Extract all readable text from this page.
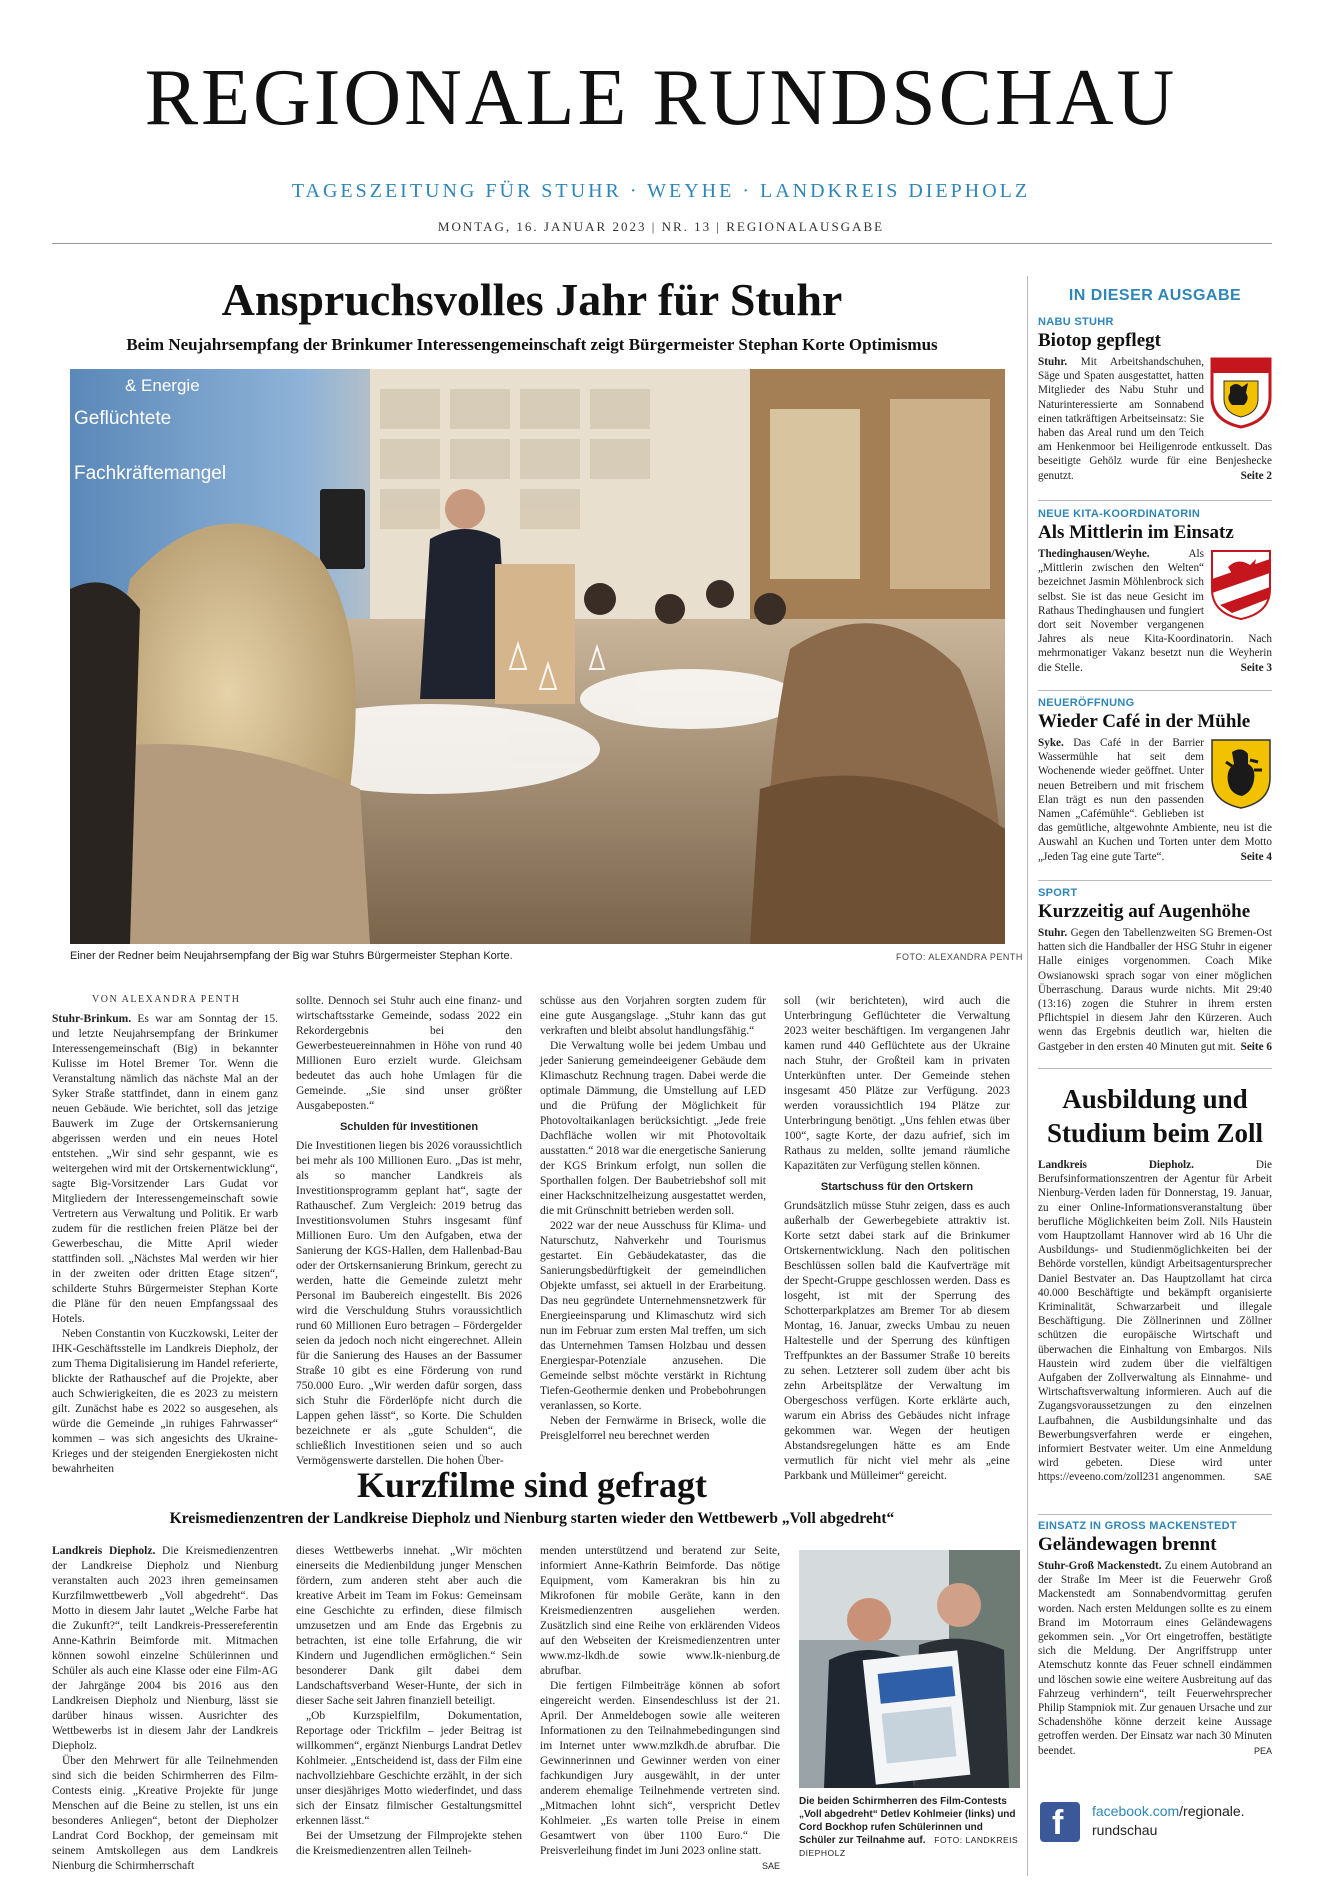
REGIONALE RUNDSCHAU
TAGESZEITUNG FÜR STUHR · WEYHE · LANDKREIS DIEPHOLZ
MONTAG, 16. JANUAR 2023 | NR. 13 | REGIONALAUSGABE
Anspruchsvolles Jahr für Stuhr
Beim Neujahrsempfang der Brinkumer Interessengemeinschaft zeigt Bürgermeister Stephan Korte Optimismus
& Energie
Geflüchtete
Fachkräftemangel
Einer der Redner beim Neujahrsempfang der Big war Stuhrs Bürgermeister Stephan Korte.	FOTO: ALEXANDRA PENTH
VON ALEXANDRA PENTH

Stuhr-Brinkum. Es war am Sonntag der 15. und letzte Neujahrsempfang der Brinkumer Interessengemeinschaft (Big) in bekannter Kulisse im Hotel Bremer Tor. Wenn die Veranstaltung nämlich das nächste Mal an der Syker Straße stattfindet, dann in einem ganz neuen Gebäude. Wie berichtet, soll das jetzige Bauwerk im Zuge der Ortskernsanierung abgerissen werden und ein neues Hotel entstehen. „Wir sind sehr gespannt, wie es weitergehen wird mit der Ortskernentwicklung“, sagte Big-Vorsitzender Lars Gudat vor Mitgliedern der Interessengemeinschaft sowie Vertretern aus Verwaltung und Politik. Er warb zudem für die restlichen freien Plätze bei der Gewerbeschau, die Mitte April wieder stattfinden soll. „Nächstes Mal werden wir hier in der zweiten oder dritten Etage sitzen“, schilderte Stuhrs Bürgermeister Stephan Korte die Pläne für den neuen Empfangssaal des Hotels.

Neben Constantin von Kuczkowski, Leiter der IHK-Geschäftsstelle im Landkreis Diepholz, der zum Thema Digitalisierung im Handel referierte, blickte der Rathauschef auf die Projekte, aber auch Schwierigkeiten, die es 2023 zu meistern gilt. Zunächst habe es 2022 so ausgesehen, als würde die Gemeinde „in ruhiges Fahrwasser“ kommen – was sich angesichts des Ukraine-Krieges und der steigenden Energiekosten nicht bewahrheiten

sollte. Dennoch sei Stuhr auch eine finanz- und wirtschaftsstarke Gemeinde, sodass 2022 ein Rekordergebnis bei den Gewerbesteuereinnahmen in Höhe von rund 40 Millionen Euro erzielt wurde. Gleichsam bedeutet das auch hohe Umlagen für die Gemeinde. „Sie sind unser größter Ausgabeposten.“

Schulden für Investitionen

Die Investitionen liegen bis 2026 voraussichtlich bei mehr als 100 Millionen Euro. „Das ist mehr, als so mancher Landkreis als Investitionsprogramm geplant hat“, sagte der Rathauschef. Zum Vergleich: 2019 betrug das Investitionsvolumen Stuhrs insgesamt fünf Millionen Euro. Um den Aufgaben, etwa der Sanierung der KGS-Hallen, dem Hallenbad-Bau oder der Ortskernsanierung Brinkum, gerecht zu werden, hatte die Gemeinde zuletzt mehr Personal im Baubereich eingestellt. Bis 2026 wird die Verschuldung Stuhrs voraussichtlich rund 60 Millionen Euro betragen – Fördergelder seien da jedoch noch nicht eingerechnet. Allein für die Sanierung des Hauses an der Bassumer Straße 10 gibt es eine Förderung von rund 750.000 Euro. „Wir werden dafür sorgen, dass sich Stuhr die Förderlöpfe nicht durch die Lappen gehen lässt“, so Korte. Die Schulden bezeichnete er als „gute Schulden“, die schließlich Investitionen seien und so auch Vermögenswerte darstellen. Die hohen Über-

schüsse aus den Vorjahren sorgten zudem für eine gute Ausgangslage. „Stuhr kann das gut verkraften und bleibt absolut handlungsfähig.“

Die Verwaltung wolle bei jedem Umbau und jeder Sanierung gemeindeeigener Gebäude dem Klimaschutz Rechnung tragen. Dabei werde die optimale Dämmung, die Umstellung auf LED und die Prüfung der Möglichkeit für Photovoltaikanlagen berücksichtigt. „Jede freie Dachfläche wollen wir mit Photovoltaik ausstatten.“ 2018 war die energetische Sanierung der KGS Brinkum erfolgt, nun sollen die Sporthallen folgen. Der Baubetriebshof soll mit einer Hackschnitzelheizung ausgestattet werden, die mit Grünschnitt betrieben werden soll.

2022 war der neue Ausschuss für Klima- und Naturschutz, Nahverkehr und Tourismus gestartet. Ein Gebäudekataster, das die Sanierungsbedürftigkeit der gemeindlichen Objekte umfasst, sei aktuell in der Erarbeitung. Das neu gegründete Unternehmensnetzwerk für Energieeinsparung und Klimaschutz wird sich nun im Februar zum ersten Mal treffen, um sich das Unternehmen Tamsen Holzbau und dessen Energiespar-Potenziale anzusehen. Die Gemeinde selbst möchte verstärkt in Richtung Tiefen-Geothermie denken und Probebohrungen veranlassen, so Korte.

Neben der Fernwärme in Briseck, wolle die Preisglelforrel neu berechnet werden

soll (wir berichteten), wird auch die Unterbringung Geflüchteter die Verwaltung 2023 weiter beschäftigen. Im vergangenen Jahr kamen rund 440 Geflüchtete aus der Ukraine nach Stuhr, der Großteil kam in privaten Unterkünften unter. Der Gemeinde stehen insgesamt 450 Plätze zur Verfügung. 2023 werden voraussichtlich 194 Plätze zur Unterbringung benötigt. „Uns fehlen etwas über 100“, sagte Korte, der dazu aufrief, sich im Rathaus zu melden, sollte jemand räumliche Kapazitäten zur Verfügung stellen können.

Startschuss für den Ortskern

Grundsätzlich müsse Stuhr zeigen, dass es auch außerhalb der Gewerbegebiete attraktiv ist. Korte setzt dabei stark auf die Brinkumer Ortskernentwicklung. Nach den politischen Beschlüssen sollen bald die Kaufverträge mit der Specht-Gruppe geschlossen werden. Dass es losgeht, ist mit der Sperrung des Schotterparkplatzes am Bremer Tor ab diesem Montag, 16. Januar, zwecks Umbau zu neuen Haltestelle und der Sperrung des künftigen Treffpunktes an der Bassumer Straße 10 bereits zu sehen. Letzterer soll zudem über acht bis zehn Arbeitsplätze der Verwaltung im Obergeschoss verfügen. Korte erklärte auch, warum ein Abriss des Gebäudes nicht infrage gekommen war. Wegen der heutigen Abstandsregelungen hätte es am Ende vermutlich für nicht viel mehr als „eine Parkbank und Mülleimer“ gereicht.

Kurzfilme sind gefragt
Kreismedienzentren der Landkreise Diepholz und Nienburg starten wieder den Wettbewerb „Voll abgedreht“

Landkreis Diepholz. Die Kreismedienzentren der Landkreise Diepholz und Nienburg veranstalten auch 2023 ihren gemeinsamen Kurzfilmwettbewerb „Voll abgedreht“. Das Motto in diesem Jahr lautet „Welche Farbe hat die Zukunft?“, teilt Landkreis-Pressereferentin Anne-Kathrin Beimforde mit. Mitmachen können sowohl einzelne Schülerinnen und Schüler als auch eine Klasse oder eine Film-AG der Jahrgänge 2004 bis 2016 aus den Landkreisen Diepholz und Nienburg, lässt sie darüber hinaus wissen. Ausrichter des Wettbewerbs ist in diesem Jahr der Landkreis Diepholz.

Über den Mehrwert für alle Teilnehmenden sind sich die beiden Schirmherren des Film-Contests einig. „Kreative Projekte für junge Menschen auf die Beine zu stellen, ist uns ein besonderes Anliegen“, betont der Diepholzer Landrat Cord Bockhop, der gemeinsam mit seinem Amtskollegen aus dem Landkreis Nienburg die Schirmherrschaft

dieses Wettbewerbs innehat. „Wir möchten einerseits die Medienbildung junger Menschen fördern, zum anderen steht aber auch die kreative Arbeit im Team im Fokus: Gemeinsam eine Geschichte zu erfinden, diese filmisch umzusetzen und am Ende das Ergebnis zu betrachten, ist eine tolle Erfahrung, die wir Kindern und Jugendlichen ermöglichen.“ Sein besonderer Dank gilt dabei dem Landschaftsverband Weser-Hunte, der sich in dieser Sache seit Jahren finanziell beteiligt.

„Ob Kurzspielfilm, Dokumentation, Reportage oder Trickfilm – jeder Beitrag ist willkommen“, ergänzt Nienburgs Landrat Detlev Kohlmeier. „Entscheidend ist, dass der Film eine nachvollziehbare Geschichte erzählt, in der sich unser diesjähriges Motto wiederfindet, und dass sich der Einsatz filmischer Gestaltungsmittel erkennen lässt.“

Bei der Umsetzung der Filmprojekte stehen die Kreismedienzentren allen Teilneh-

menden unterstützend und beratend zur Seite, informiert Anne-Kathrin Beimforde. Das nötige Equipment, vom Kamerakran bis hin zu Mikrofonen für mobile Geräte, kann in den Kreismedienzentren ausgeliehen werden. Zusätzlich sind eine Reihe von erklärenden Videos auf den Webseiten der Kreismedienzentren unter www.mz-lkdh.de sowie www.lk-nienburg.de abrufbar.

Die fertigen Filmbeiträge können ab sofort eingereicht werden. Einsendeschluss ist der 21. April. Der Anmeldebogen sowie alle weiteren Informationen zu den Teilnahmebedingungen sind im Internet unter www.mzlkdh.de abrufbar. Die Gewinnerinnen und Gewinner werden von einer fachkundigen Jury ausgewählt, in der unter anderem ehemalige Teilnehmende vertreten sind. „Mitmachen lohnt sich“, verspricht Detlev Kohlmeier. „Es warten tolle Preise in einem Gesamtwert von über 1100 Euro.“ Die Preisverleihung findet im Juni 2023 online statt.
SAE

Die beiden Schirmherren des Film-Contests „Voll abgedreht“ Detlev Kohlmeier (links) und Cord Bockhop rufen Schülerinnen und Schüler zur Teilnahme auf. FOTO: LANDKREIS DIEPHOLZ
IN DIESER AUSGABE
NABU STUHR
Biotop gepflegt
Stuhr. Mit Arbeitshandschuhen, Säge und Spaten ausgestattet, hatten Mitglieder des Nabu Stuhr und Naturinteressierte am Sonnabend einen tatkräftigen Arbeitseinsatz: Sie haben das Areal rund um den Teich am Henkenmoor bei Heiligenrode entkusselt. Das beseitigte Gehölz wurde für eine Benjeshecke genutzt.	Seite 2
NEUE KITA-KOORDINATORIN
Als Mittlerin im Einsatz
Thedinghausen/Weyhe. Als „Mittlerin zwischen den Welten“ bezeichnet Jasmin Möhlenbrock sich selbst. Sie ist das neue Gesicht im Rathaus Thedinghausen und fungiert dort seit November vergangenen Jahres als neue Kita-Koordinatorin. Nach mehrmonatiger Vakanz besetzt nun die Weyherin die Stelle.	Seite 3
NEUERÖFFNUNG
Wieder Café in der Mühle
Syke. Das Café in der Barrier Wassermühle hat seit dem Wochenende wieder geöffnet. Unter neuen Betreibern und mit frischem Elan trägt es nun den passenden Namen „Cafémühle“. Geblieben ist das gemütliche, altgewohnte Ambiente, neu ist die Auswahl an Kuchen und Torten unter dem Motto „Jeden Tag eine gute Tarte“.	Seite 4
SPORT
Kurzzeitig auf Augenhöhe
Stuhr. Gegen den Tabellenzweiten SG Bremen-Ost hatten sich die Handballer der HSG Stuhr in eigener Halle einiges vorgenommen. Coach Mike Owsianowski sprach sogar von einer möglichen Überraschung. Daraus wurde nichts. Mit 29:40 (13:16) zogen die Stuhrer in ihrem ersten Pflichtspiel in diesem Jahr den Kürzeren. Auch wenn das Ergebnis deutlich war, hielten die Gastgeber in den ersten 40 Minuten gut mit. Seite 6
Ausbildung und Studium beim Zoll

Landkreis Diepholz. Die Berufsinformationszentren der Agentur für Arbeit Nienburg-Verden laden für Donnerstag, 19. Januar, zu einer Online-Informationsveranstaltung über berufliche Möglichkeiten beim Zoll. Nils Haustein vom Hauptzollamt Hannover wird ab 16 Uhr die Ausbildungs- und Studienmöglichkeiten bei der Behörde vorstellen, kündigt Arbeitsagentursprecher Daniel Bestvater an. Das Hauptzollamt hat circa 40.000 Beschäftigte und bekämpft organisierte Kriminalität, Schwarzarbeit und illegale Beschäftigung. Die Zöllnerinnen und Zöllner schützen die europäische Wirtschaft und überwachen die Einhaltung von Embargos. Nils Haustein wird zudem über die vielfältigen Aufgaben der Zollverwaltung als Einnahme- und Wirtschaftsverwaltung informieren. Auch auf die Zugangsvoraussetzungen zu den einzelnen Laufbahnen, die Ausbildungsinhalte und das Bewerbungsverfahren werde er eingehen, informiert Bestvater weiter. Um eine Anmeldung wird gebeten. Diese wird unter https://eveeno.com/zoll231 angenommen.	SAE

EINSATZ IN GROSS MACKENSTEDT
Geländewagen brennt
Stuhr-Groß Mackenstedt. Zu einem Autobrand an der Straße Im Meer ist die Feuerwehr Groß Mackenstedt am Sonnabendvormittag gerufen worden. Nach ersten Meldungen sollte es zu einem Brand im Motorraum eines Geländewagens gekommen sein. „Vor Ort eingetroffen, bestätigte sich die Meldung. Der Angriffstrupp unter Atemschutz konnte das Feuer schnell eindämmen und löschen sowie eine weitere Ausbreitung auf das Fahrzeug verhindern“, teilt Feuerwehrsprecher Philip Stampniok mit. Zur genauen Ursache und zur Schadenshöhe könne derzeit keine Aussage getroffen werden. Der Einsatz war nach 30 Minuten beendet.	PEA
f facebook.com/regionale.
rundschau
